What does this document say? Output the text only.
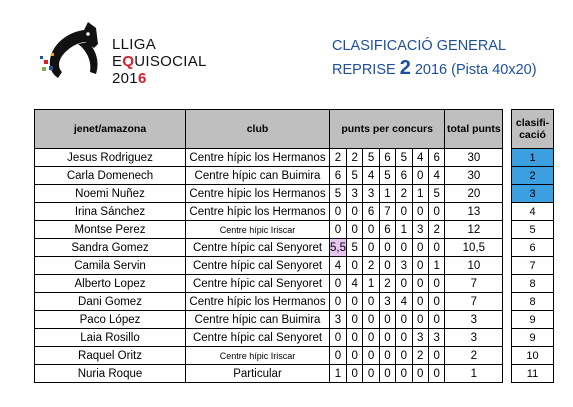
LLIGA
EQUISOCIAL
2016
CLASIFICACIÓ GENERAL
REPRISE 2 2016 (Pista 40x20)
jenet/amazona	club	punts per concurs							total punts
Jesus Rodriguez	Centre hípic los Hermanos	2	2	5	6	5	4	6	30
Carla Domenech	Centre hípic can Buimira	6	5	4	5	6	0	4	30
Noemi Nuñez	Centre hípic los Hermanos	5	3	3	1	2	1	5	20
Irina Sánchez	Centre hípic los Hermanos	0	0	6	7	0	0	0	13
Montse Perez	Centre hípic Iriscar	0	0	0	6	1	3	2	12
Sandra Gomez	Centre hípic cal Senyoret	5,5	5	0	0	0	0	0	10,5
Camila Servin	Centre hípic cal Senyoret	4	0	2	0	3	0	1	10
Alberto Lopez	Centre hípic cal Senyoret	0	4	1	2	0	0	0	7
Dani Gomez	Centre hípic los Hermanos	0	0	0	3	4	0	0	7
Paco López	Centre hípic can Buimira	3	0	0	0	0	0	0	3
Laia Rosillo	Centre hípic cal Senyoret	0	0	0	0	0	3	3	3
Raquel Oritz	Centre hípic Iriscar	0	0	0	0	0	2	0	2
Nuria Roque	Particular	1	0	0	0	0	0	0	1
clasifi-cació
1
2
3
4
5
6
7
8
8
9
9
10
11
